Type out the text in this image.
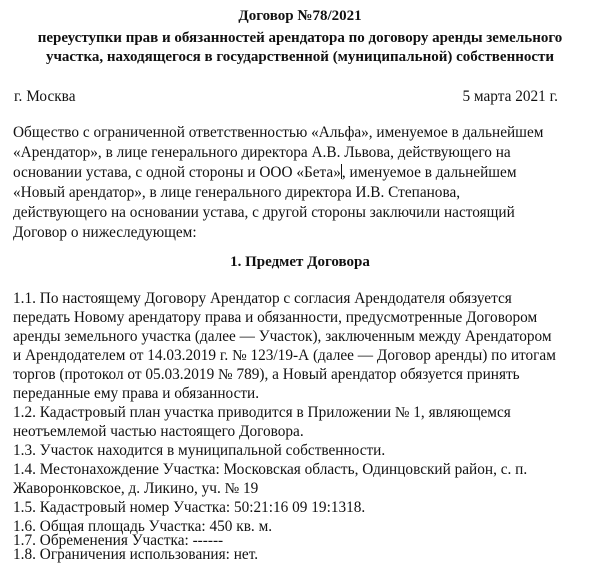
Договор №78/2021
переуступки прав и обязанностей арендатора по договору аренды земельного
участка, находящегося в государственной (муниципальной) собственности
г. Москва	5 марта 2021 г.
Общество с ограниченной ответственностью «Альфа», именуемое в дальнейшем
«Арендатор», в лице генерального директора А.В. Львова, действующего на
основании устава, с одной стороны и ООО «Бета», именуемое в дальнейшем
«Новый арендатор», в лице генерального директора И.В. Степанова,
действующего на основании устава, с другой стороны заключили настоящий
Договор о нижеследующем:
1. Предмет Договора
1.1. По настоящему Договору Арендатор с согласия Арендодателя обязуется
передать Новому арендатору права и обязанности, предусмотренные Договором
аренды земельного участка (далее — Участок), заключенным между Арендатором
и Арендодателем от 14.03.2019 г. № 123/19-А (далее — Договор аренды) по итогам
торгов (протокол от 05.03.2019 № 789), а Новый арендатор обязуется принять
переданные ему права и обязанности.
1.2. Кадастровый план участка приводится в Приложении № 1, являющемся
неотъемлемой частью настоящего Договора.
1.3. Участок находится в муниципальной собственности.
1.4. Местонахождение Участка: Московская область, Одинцовский район, с. п.
Жаворонковское, д. Ликино, уч. № 19
1.5. Кадастровый номер Участка: 50:21:16 09 19:1318.
1.6. Общая площадь Участка: 450 кв. м.
1.7. Обременения Участка: ------
1.8. Ограничения использования: нет.
